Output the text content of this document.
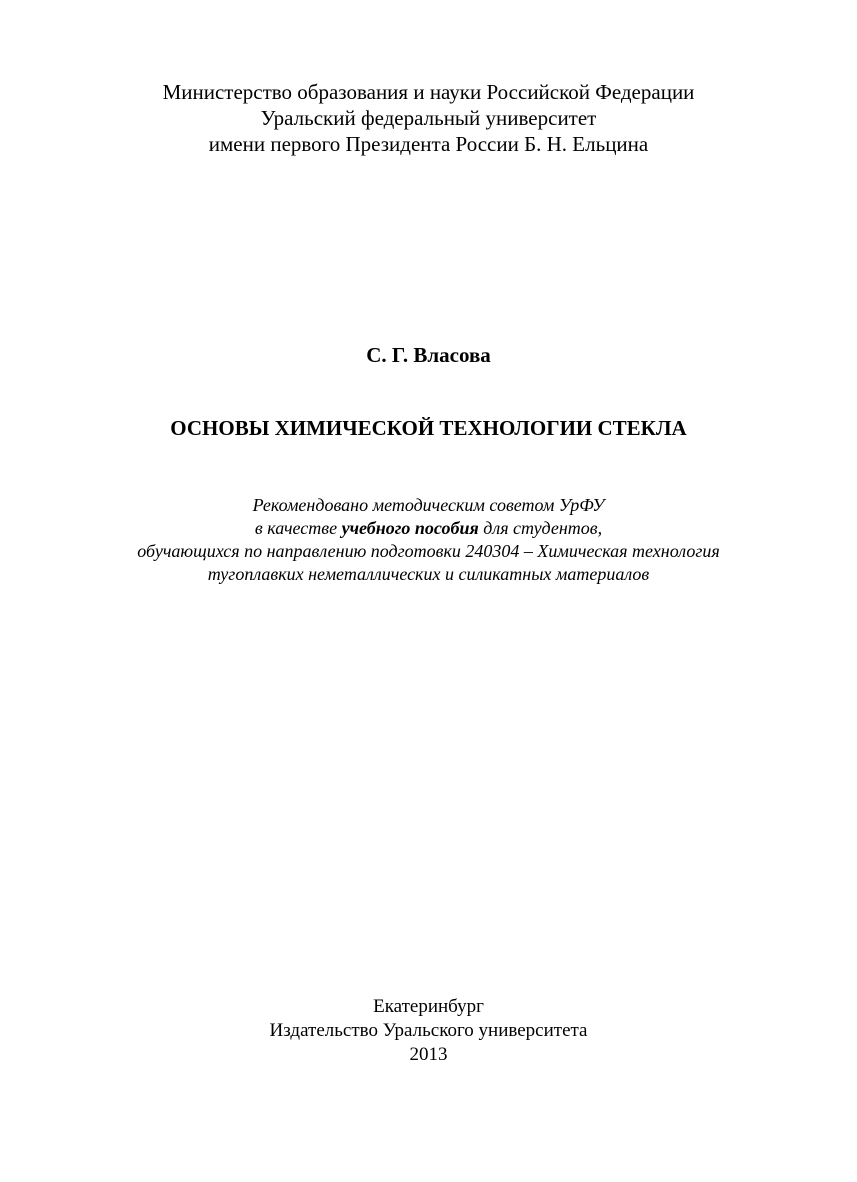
Министерство образования и науки Российской Федерации
Уральский федеральный университет
имени первого Президента России Б. Н. Ельцина
С. Г. Власова
ОСНОВЫ ХИМИЧЕСКОЙ ТЕХНОЛОГИИ СТЕКЛА
Рекомендовано методическим советом УрФУ
в качестве учебного пособия для студентов,
обучающихся по направлению подготовки 240304 – Химическая технология
тугоплавких неметаллических и силикатных материалов
Екатеринбург
Издательство Уральского университета
2013
